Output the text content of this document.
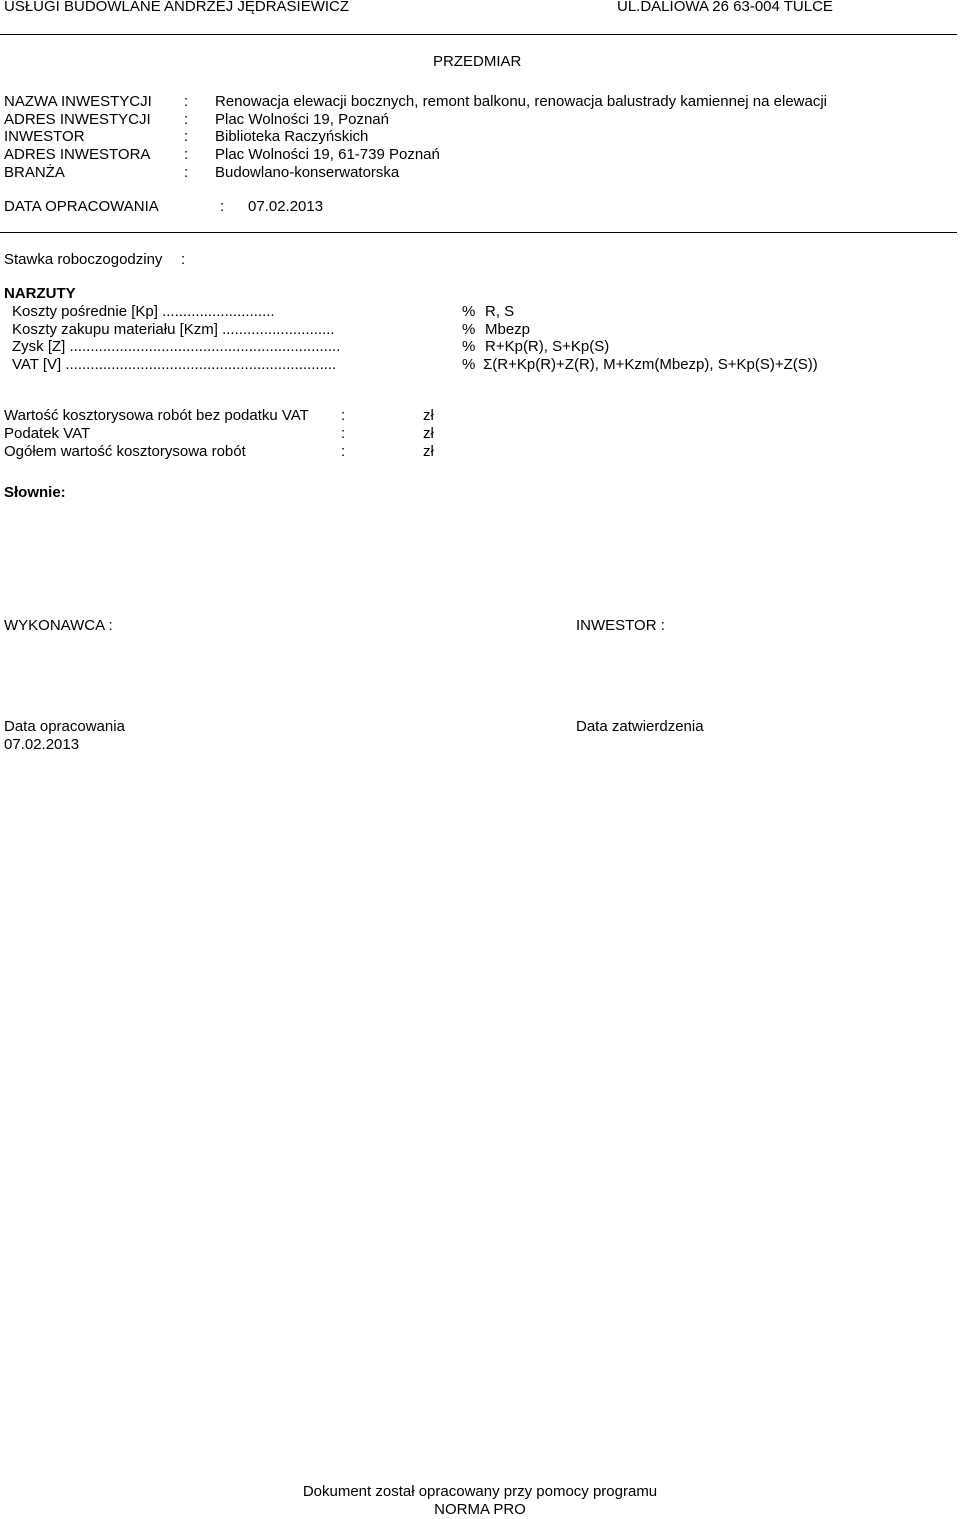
USŁUGI BUDOWLANE ANDRZEJ JĘDRASIEWICZ	UL.DALIOWA 26 63-004 TULCE
PRZEDMIAR
NAZWA INWESTYCJI : Renowacja elewacji bocznych, remont balkonu, renowacja balustrady kamiennej na elewacji
ADRES INWESTYCJI : Plac Wolności 19, Poznań
INWESTOR	: Biblioteka Raczyńskich
ADRES INWESTORA : Plac Wolności 19, 61-739 Poznań
BRANŻA	: Budowlano-konserwatorska
DATA OPRACOWANIA	: 07.02.2013
Stawka roboczogodziny :
NARZUTY
Koszty pośrednie [Kp] ...........................	% R, S
Koszty zakupu materiału [Kzm] ...........................	% Mbezp
Zysk [Z] .................................................................	% R+Kp(R), S+Kp(S)
VAT [V] .................................................................	% Σ(R+Kp(R)+Z(R), M+Kzm(Mbezp), S+Kp(S)+Z(S))
Wartość kosztorysowa robót bez podatku VAT :	zł
Podatek VAT	:	zł
Ogółem wartość kosztorysowa robót	:	zł
Słownie:
WYKONAWCA :	INWESTOR :
Data opracowania
07.02.2013
Data zatwierdzenia
Dokument został opracowany przy pomocy programu
NORMA PRO
